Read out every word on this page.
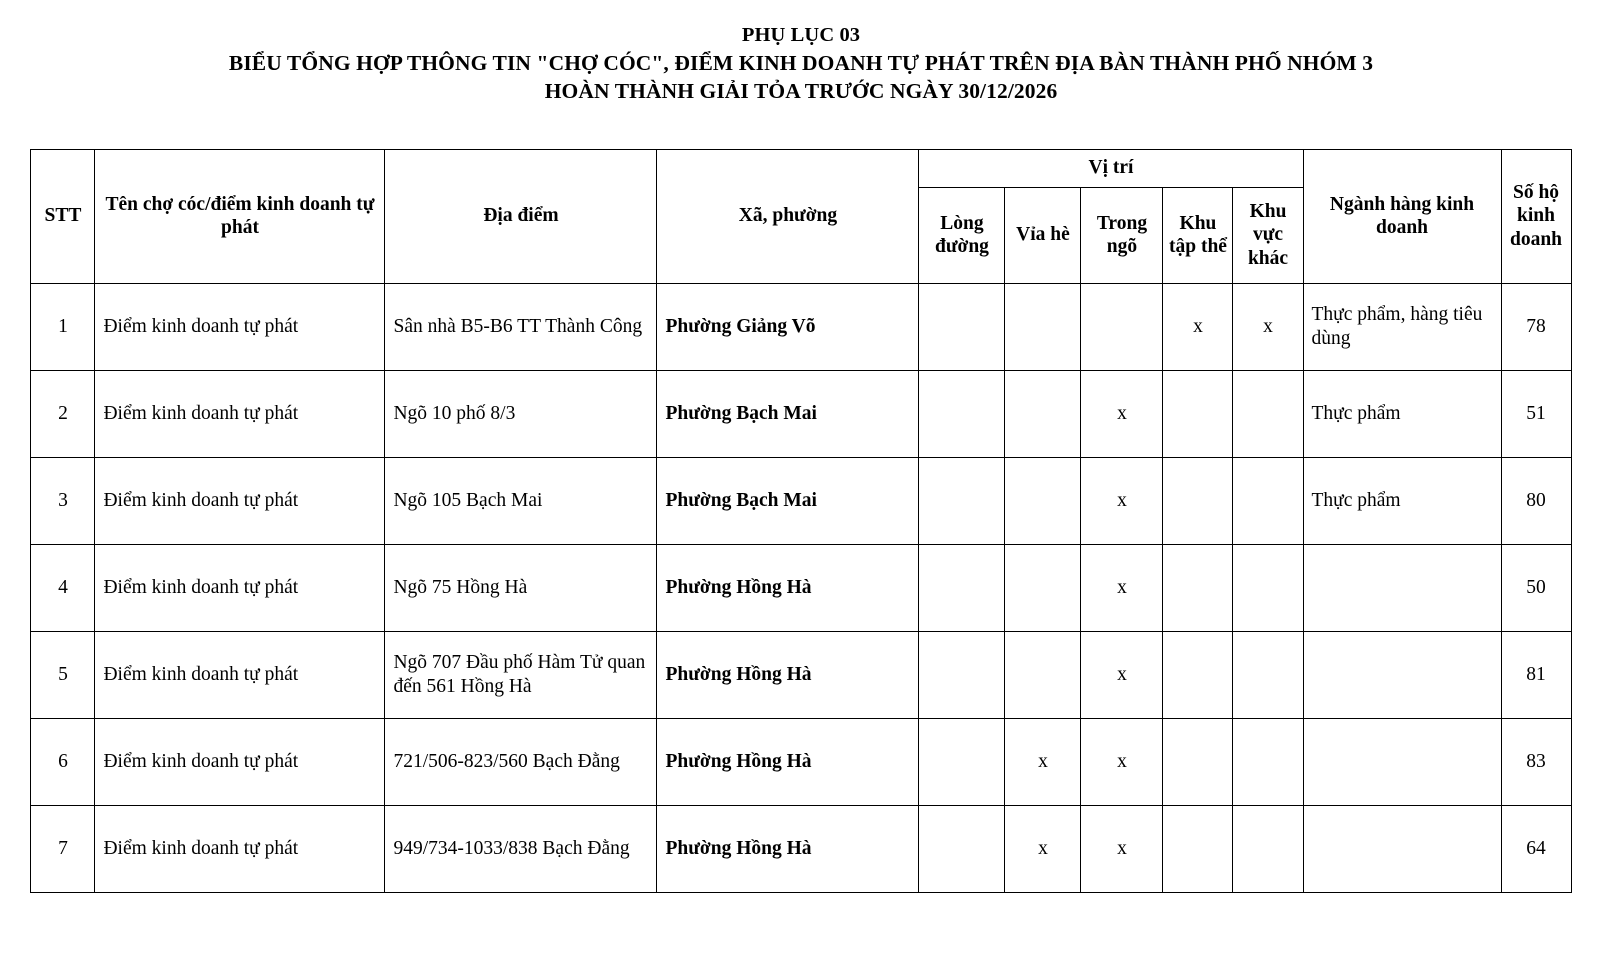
PHỤ LỤC 03
BIỂU TỔNG HỢP THÔNG TIN "CHỢ CÓC", ĐIỂM KINH DOANH TỰ PHÁT TRÊN ĐỊA BÀN THÀNH PHỐ NHÓM 3
HOÀN THÀNH GIẢI TỎA TRƯỚC NGÀY 30/12/2026
STT	Tên chợ cóc/điểm kinh doanh tự phát	Địa điểm	Xã, phường	Vị trí					Ngành hàng kinh doanh	Số hộ kinh doanh
				Lòng đường	Vỉa hè	Trong ngõ	Khu tập thể	Khu vực khác		
1	Điểm kinh doanh tự phát	Sân nhà B5-B6 TT Thành Công	Phường Giảng Võ				x	x	Thực phẩm, hàng tiêu dùng	78
2	Điểm kinh doanh tự phát	Ngõ 10 phố 8/3	Phường Bạch Mai			x			Thực phẩm	51
3	Điểm kinh doanh tự phát	Ngõ 105 Bạch Mai	Phường Bạch Mai			x			Thực phẩm	80
4	Điểm kinh doanh tự phát	Ngõ 75 Hồng Hà	Phường Hồng Hà			x				50
5	Điểm kinh doanh tự phát	Ngõ 707 Đầu phố Hàm Tử quan đến 561 Hồng Hà	Phường Hồng Hà			x				81
6	Điểm kinh doanh tự phát	721/506-823/560 Bạch Đằng	Phường Hồng Hà		x	x				83
7	Điểm kinh doanh tự phát	949/734-1033/838 Bạch Đằng	Phường Hồng Hà		x	x				64
